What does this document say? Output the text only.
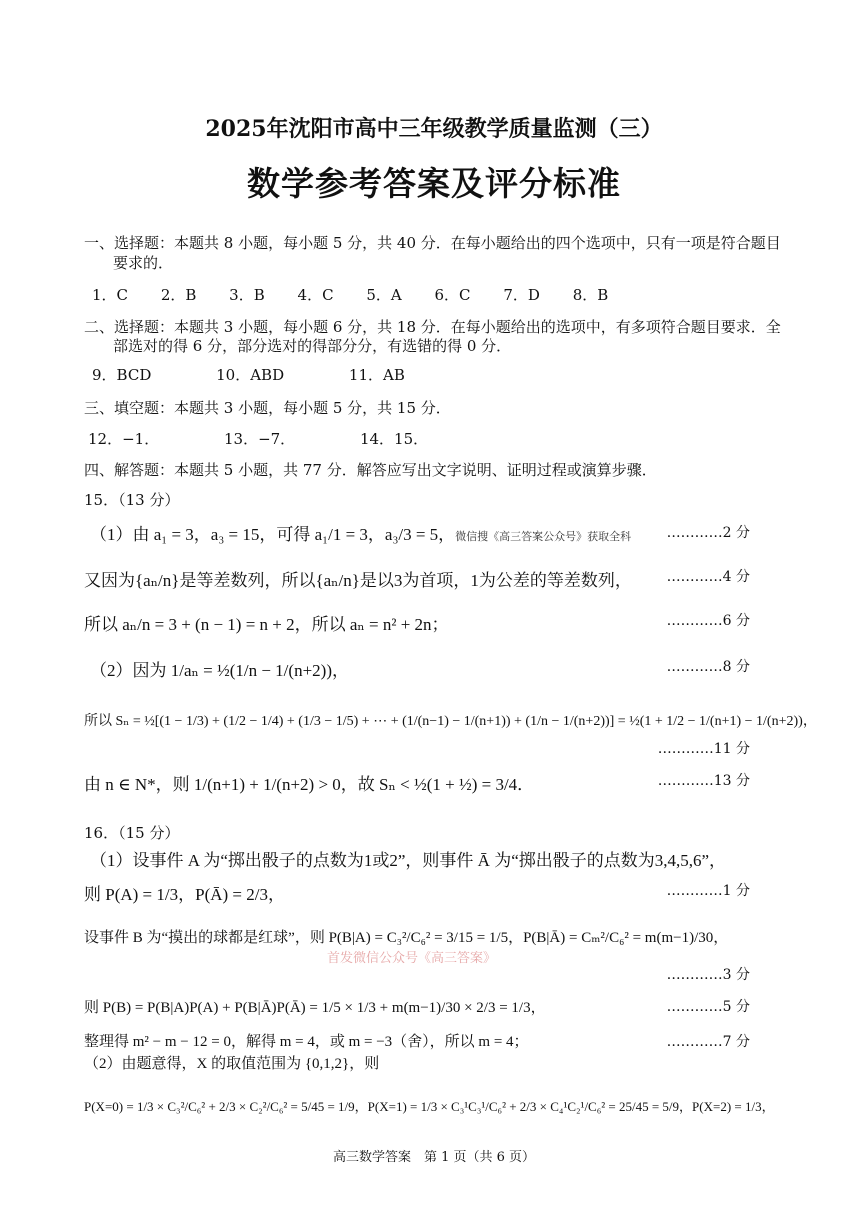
2025年沈阳市高中三年级教学质量监测（三）
数学参考答案及评分标准
一、选择题：本题共 8 小题，每小题 5 分，共 40 分．在每小题给出的四个选项中，只有一项是符合题目
要求的．
1．C 2．B 3．B 4．C 5．A 6．C 7．D 8．B
二、选择题：本题共 3 小题，每小题 6 分，共 18 分．在每小题给出的选项中，有多项符合题目要求．全
部选对的得 6 分，部分选对的得部分分，有选错的得 0 分．
9．BCD	10．ABD	11．AB
三、填空题：本题共 3 小题，每小题 5 分，共 15 分．
12．−1．	13．−7．	14．15．
四、解答题：本题共 5 小题，共 77 分．解答应写出文字说明、证明过程或演算步骤．
15．（13 分）
（1）由 a₁ = 3，a₃ = 15，可得 a₁/1 = 3，a₃/3 = 5，微信搜《高三答案公众号》获取全科	…………2 分
又因为{aₙ/n}是等差数列，所以{aₙ/n}是以3为首项，1为公差的等差数列， …………4 分
所以 aₙ/n = 3 + (n − 1) = n + 2，所以 aₙ = n² + 2n；	…………6 分
（2）因为 1/aₙ = ½(1/n − 1/(n+2))，	…………8 分
所以 Sₙ = ½[(1 − 1/3) + (1/2 − 1/4) + (1/3 − 1/5) + ⋯ + (1/(n−1) − 1/(n+1)) + (1/n − 1/(n+2))] = ½(1 + 1/2 − 1/(n+1) − 1/(n+2))，
…………11 分
由 n ∈ N*，则 1/(n+1) + 1/(n+2) > 0，故 Sₙ < ½(1 + ½) = 3/4．	…………13 分
16．（15 分）
（1）设事件 A 为“掷出骰子的点数为1或2”，则事件 Ā 为“掷出骰子的点数为3,4,5,6”，
则 P(A) = 1/3，P(Ā) = 2/3，	…………1 分
设事件 B 为“摸出的球都是红球”，则 P(B|A) = C₃²/C₆² = 3/15 = 1/5，P(B|Ā) = Cₘ²/C₆² = m(m−1)/30，
首发微信公众号《高三答案》
…………3 分
则 P(B) = P(B|A)P(A) + P(B|Ā)P(Ā) = 1/5 × 1/3 + m(m−1)/30 × 2/3 = 1/3，	…………5 分
整理得 m² − m − 12 = 0，解得 m = 4，或 m = −3（舍），所以 m = 4；	…………7 分
（2）由题意得，X 的取值范围为 {0,1,2}，则
P(X=0) = 1/3 × C₃²/C₆² + 2/3 × C₂²/C₆² = 5/45 = 1/9，P(X=1) = 1/3 × C₃¹C₃¹/C₆² + 2/3 × C₄¹C₂¹/C₆² = 25/45 = 5/9，P(X=2) = 1/3，
高三数学答案　第 1 页（共 6 页）
